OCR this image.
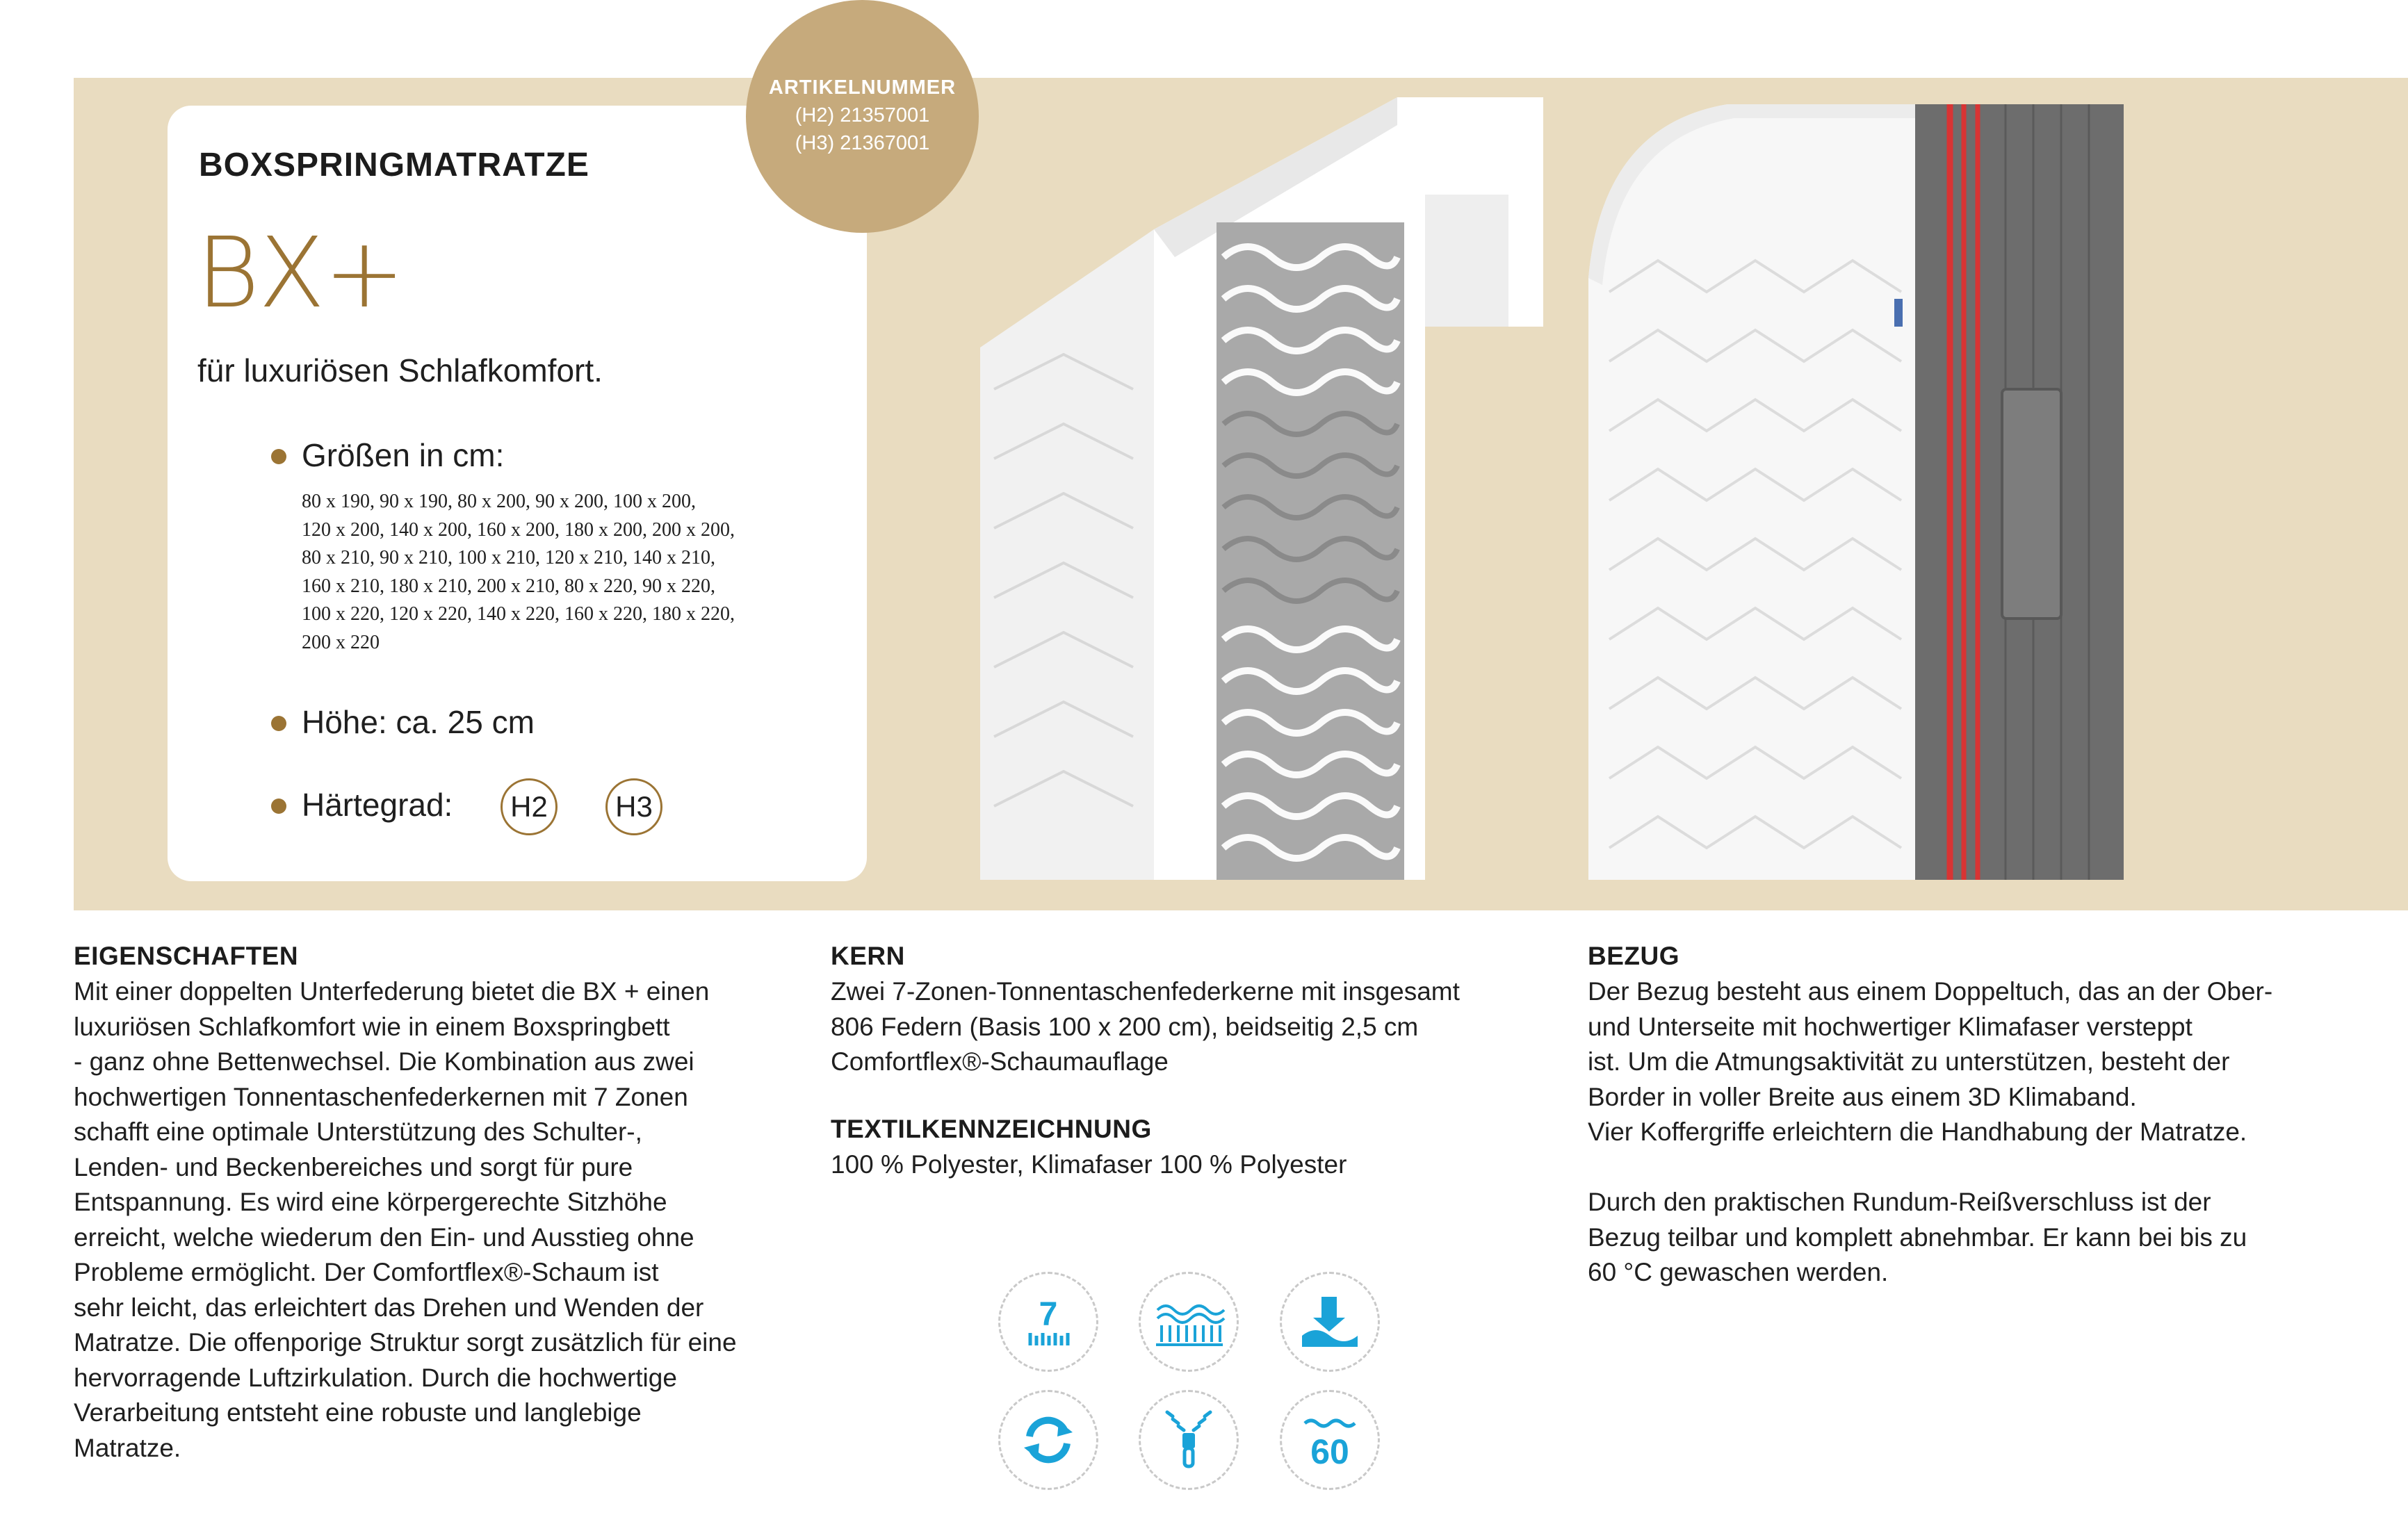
ARTIKELNUMMER
(H2) 21357001
(H3) 21367001
BOXSPRINGMATRATZE
BX+
für luxuriösen Schlafkomfort.
Größen in cm:
80 x 190, 90 x 190, 80 x 200, 90 x 200, 100 x 200,
120 x 200, 140 x 200, 160 x 200, 180 x 200, 200 x 200,
80 x 210, 90 x 210, 100 x 210, 120 x 210, 140 x 210,
160 x 210, 180 x 210, 200 x 210, 80 x 220, 90 x 220,
100 x 220, 120 x 220, 140 x 220, 160 x 220, 180 x 220,
200 x 220
Höhe: ca. 25 cm
Härtegrad:	H2	H3
EIGENSCHAFTEN
Mit einer doppelten Unterfederung bietet die BX + einen
luxuriösen Schlafkomfort wie in einem Boxspringbett
- ganz ohne Bettenwechsel. Die Kombination aus zwei
hochwertigen Tonnentaschenfederkernen mit 7 Zonen
schafft eine optimale Unterstützung des Schulter-,
Lenden- und Beckenbereiches und sorgt für pure
Entspannung. Es wird eine körpergerechte Sitzhöhe
erreicht, welche wiederum den Ein- und Ausstieg ohne
Probleme ermöglicht. Der Comfortflex®-Schaum ist
sehr leicht, das erleichtert das Drehen und Wenden der
Matratze. Die offenporige Struktur sorgt zusätzlich für eine
hervorragende Luftzirkulation. Durch die hochwertige
Verarbeitung entsteht eine robuste und langlebige
Matratze.
KERN
Zwei 7-Zonen-Tonnentaschenfederkerne mit insgesamt
806 Federn (Basis 100 x 200 cm), beidseitig 2,5 cm
Comfortflex®-Schaumauflage
TEXTILKENNZEICHNUNG
100 % Polyester, Klimafaser 100 % Polyester
BEZUG
Der Bezug besteht aus einem Doppeltuch, das an der Ober-
und Unterseite mit hochwertiger Klimafaser versteppt
ist. Um die Atmungsaktivität zu unterstützen, besteht der
Border in voller Breite aus einem 3D Klimaband.
Vier Koffergriffe erleichtern die Handhabung der Matratze.
Durch den praktischen Rundum-Reißverschluss ist der
Bezug teilbar und komplett abnehmbar. Er kann bei bis zu
60 °C gewaschen werden.
7
60
